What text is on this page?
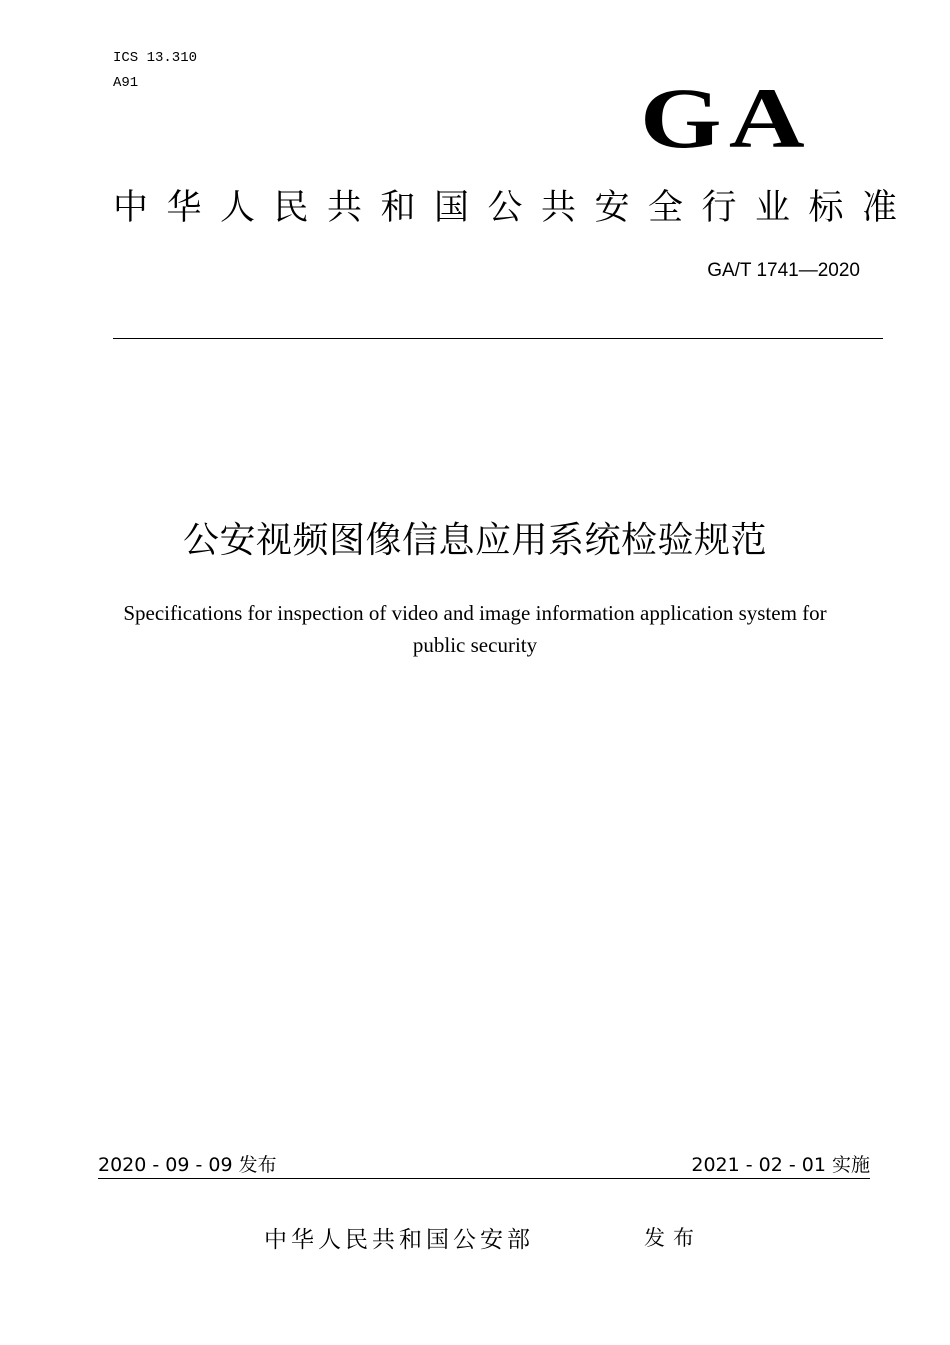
ICS 13.310
A91	GA
中华人民共和国公共安全行业标准
GA/T 1741—2020
公安视频图像信息应用系统检验规范
Specifications for inspection of video and image information application system for public security
2020 - 09 - 09 发布	2021 - 02 - 01 实施
中华人民共和国公安部	发布
